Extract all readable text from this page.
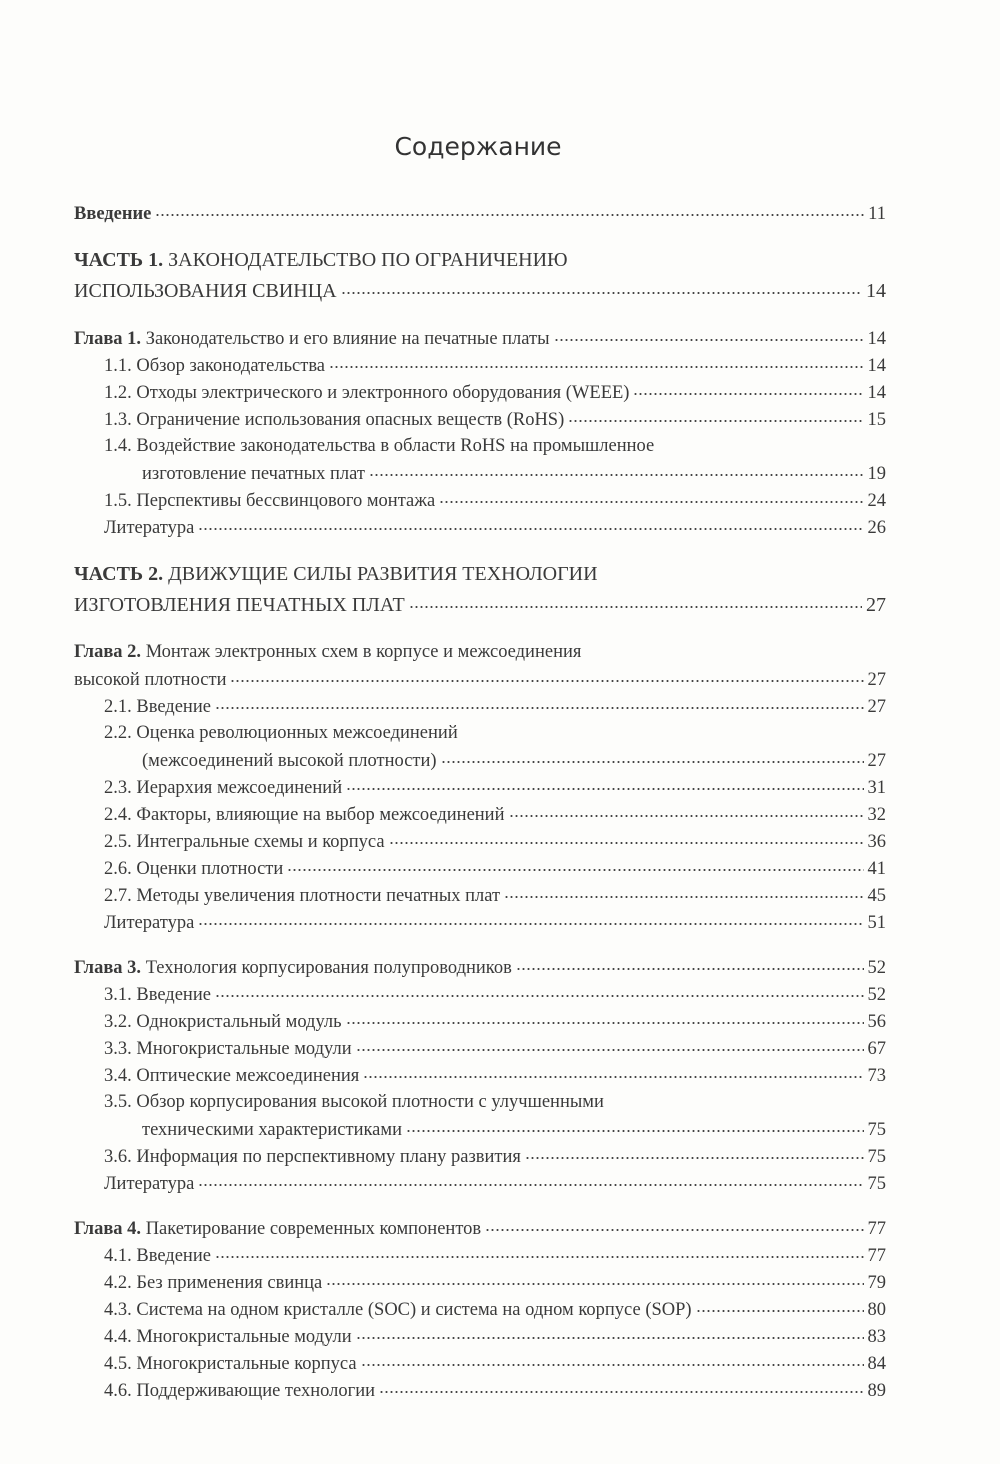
Содержание
Введение	11
ЧАСТЬ 1.
ЗАКОНОДАТЕЛЬСТВО ПО ОГРАНИЧЕНИЮ
ИСПОЛЬЗОВАНИЯ СВИНЦА	14
Глава 1.
Законодательство и его влияние на печатные платы	14
1.1. Обзор законодательства	14
1.2. Отходы электрического и электронного оборудования (WEEE)	14
1.3. Ограничение использования опасных веществ (RoHS)	15
1.4. Воздействие законодательства в области RoHS на промышленное
изготовление печатных плат	19
1.5. Перспективы бессвинцового монтажа	24
Литература	26
ЧАСТЬ 2.
ДВИЖУЩИЕ СИЛЫ РАЗВИТИЯ ТЕХНОЛОГИИ
ИЗГОТОВЛЕНИЯ ПЕЧАТНЫХ ПЛАТ	27
Глава 2.
Монтаж электронных схем в корпусе и межсоединения
высокой плотности	27
2.1. Введение	27
2.2. Оценка революционных межсоединений
(межсоединений высокой плотности)	27
2.3. Иерархия межсоединений	31
2.4. Факторы, влияющие на выбор межсоединений	32
2.5. Интегральные схемы и корпуса	36
2.6. Оценки плотности	41
2.7. Методы увеличения плотности печатных плат	45
Литература	51
Глава 3.
Технология корпусирования полупроводников	52
3.1. Введение	52
3.2. Однокристальный модуль	56
3.3. Многокристальные модули	67
3.4. Оптические межсоединения	73
3.5. Обзор корпусирования высокой плотности с улучшенными
техническими характеристиками	75
3.6. Информация по перспективному плану развития	75
Литература	75
Глава 4.
Пакетирование современных компонентов	77
4.1. Введение	77
4.2. Без применения свинца	79
4.3. Система на одном кристалле (SOC) и система на одном корпусе (SOP)	80
4.4. Многокристальные модули	83
4.5. Многокристальные корпуса	84
4.6. Поддерживающие технологии	89
